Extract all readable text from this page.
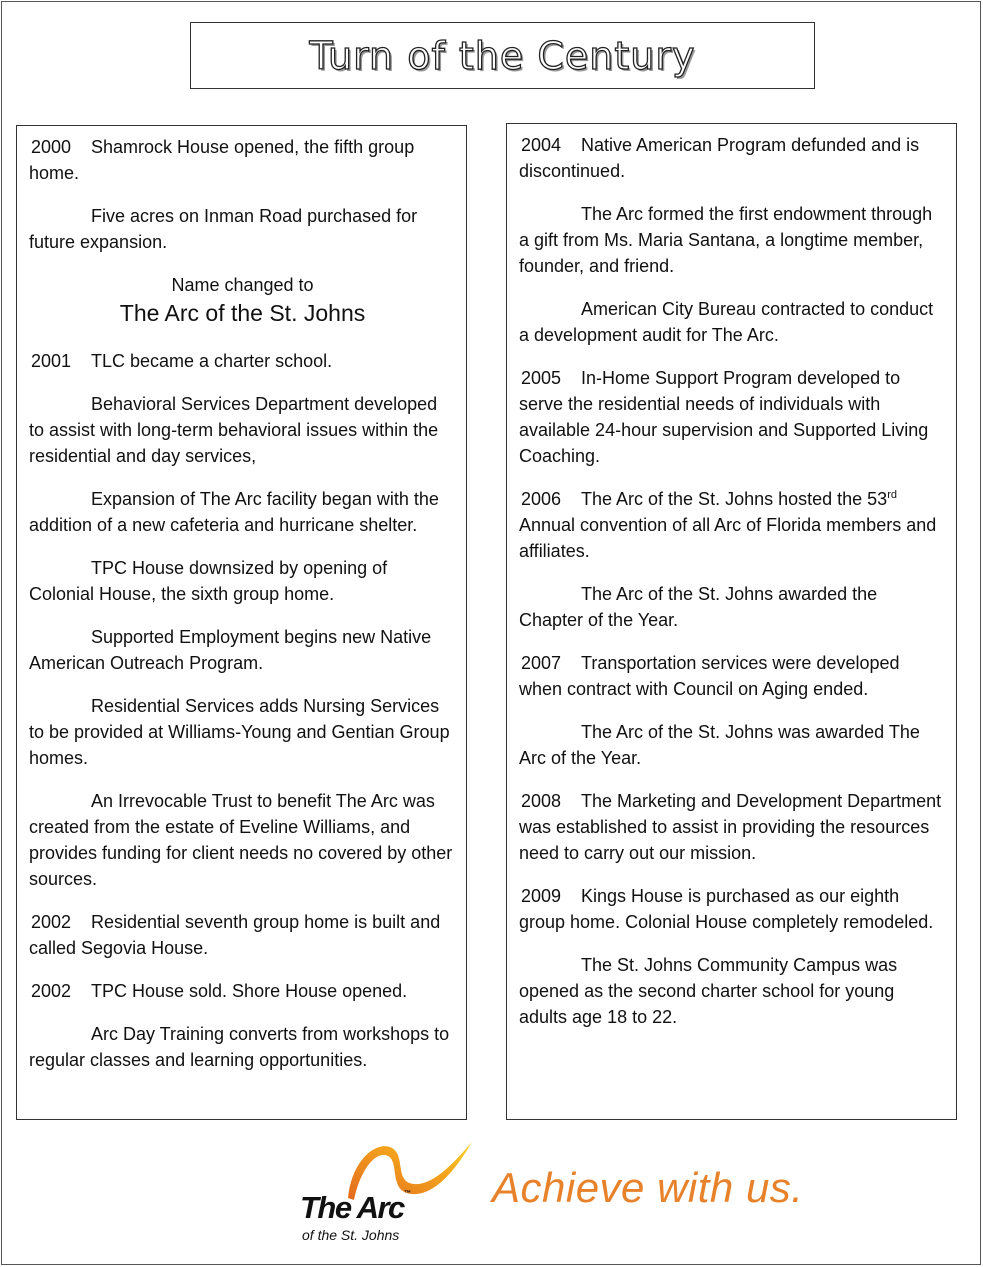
Turn of the Century

2000 Shamrock House opened, the fifth group home.

Five acres on Inman Road purchased for future expansion.

Name changed to

The Arc of the St. Johns

2001 TLC became a charter school.

Behavioral Services Department developed to assist with long-term behavioral issues within the residential and day services,

Expansion of The Arc facility began with the addition of a new cafeteria and hurricane shelter.

TPC House downsized by opening of Colonial House, the sixth group home.

Supported Employment begins new Native American Outreach Program.

Residential Services adds Nursing Services to be provided at Williams-Young and Gentian Group homes.

An Irrevocable Trust to benefit The Arc was created from the estate of Eveline Williams, and provides funding for client needs no covered by other sources.

2002 Residential seventh group home is built and called Segovia House.

2002 TPC House sold. Shore House opened.

Arc Day Training converts from workshops to regular classes and learning opportunities.

2004 Native American Program defunded and is discontinued.

The Arc formed the first endowment through a gift from Ms. Maria Santana, a longtime member, founder, and friend.

American City Bureau contracted to conduct a development audit for The Arc.

2005 In-Home Support Program developed to serve the residential needs of individuals with available 24-hour supervision and Supported Living Coaching.

2006 The Arc of the St. Johns hosted the 53rd Annual convention of all Arc of Florida members and affiliates.

The Arc of the St. Johns awarded the Chapter of the Year.

2007 Transportation services were developed when contract with Council on Aging ended.

The Arc of the St. Johns was awarded The Arc of the Year.

2008 The Marketing and Development Department was established to assist in providing the resources need to carry out our mission.

2009 Kings House is purchased as our eighth group home. Colonial House completely remodeled.

The St. Johns Community Campus was opened as the second charter school for young adults age 18 to 22.

The Arc™
of the St. Johns
Achieve with us.
